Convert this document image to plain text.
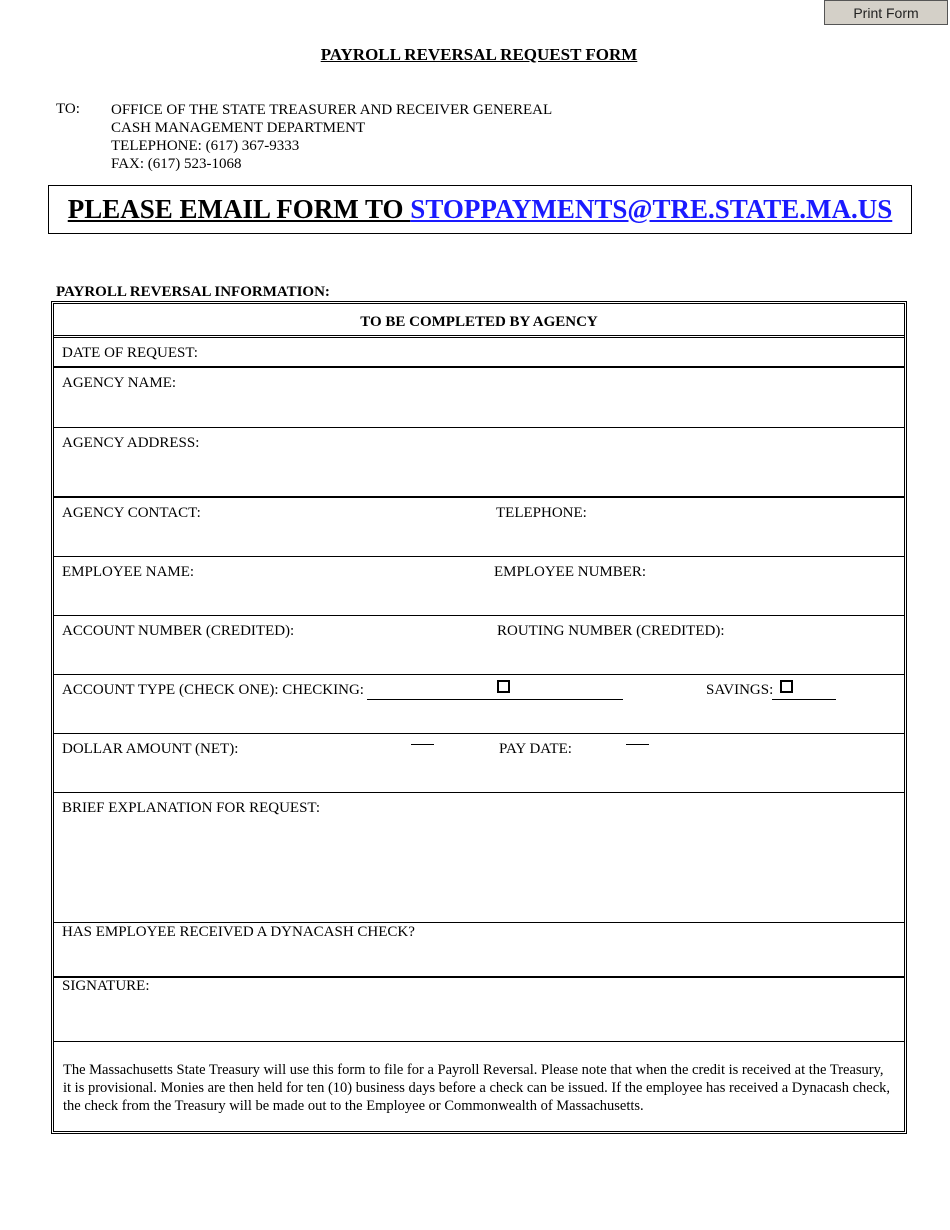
Print Form
PAYROLL REVERSAL REQUEST FORM
TO: OFFICE OF THE STATE TREASURER AND RECEIVER GENEREAL
CASH MANAGEMENT DEPARTMENT
TELEPHONE: (617) 367-9333
FAX: (617) 523-1068
PLEASE EMAIL FORM TO STOPPAYMENTS@TRE.STATE.MA.US
PAYROLL REVERSAL INFORMATION:
TO BE COMPLETED BY AGENCY
DATE OF REQUEST:
AGENCY NAME:
AGENCY ADDRESS:
AGENCY CONTACT:	TELEPHONE:
EMPLOYEE NAME:	EMPLOYEE NUMBER:
ACCOUNT NUMBER (CREDITED):	ROUTING NUMBER (CREDITED):
ACCOUNT TYPE (CHECK ONE): CHECKING:	SAVINGS:
DOLLAR AMOUNT (NET):	PAY DATE:
BRIEF EXPLANATION FOR REQUEST:
HAS EMPLOYEE RECEIVED A DYNACASH CHECK?
SIGNATURE:
The Massachusetts State Treasury will use this form to file for a Payroll Reversal. Please note that when the credit is received at the Treasury, it is provisional. Monies are then held for ten (10) business days before a check can be issued. If the employee has received a Dynacash check, the check from the Treasury will be made out to the Employee or Commonwealth of Massachusetts.
